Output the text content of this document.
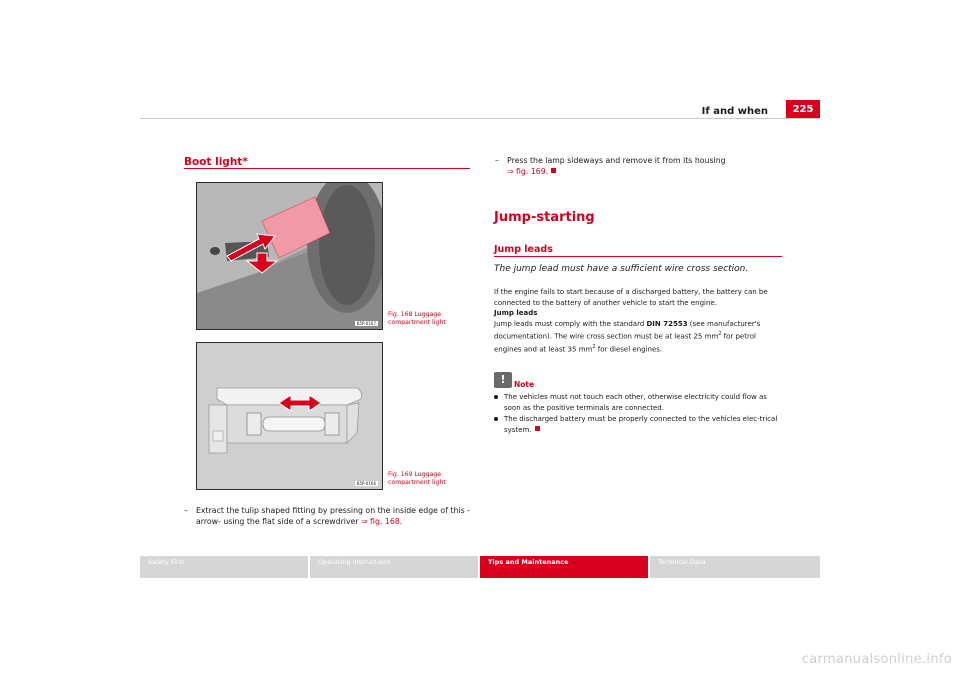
If and when	225
Boot light*
B5P-0167
Fig. 168 Luggage compartment light
B5P-0166
Fig. 169 Luggage compartment light
– Extract the tulip shaped fitting by pressing on the inside edge of this -arrow- using the flat side of a screwdriver ⇒ fig. 168.
– Press the lamp sideways and remove it from its housing
⇒ fig. 169.
Jump-starting
Jump leads
The jump lead must have a sufficient wire cross section.

If the engine fails to start because of a discharged battery, the battery can be connected to the battery of another vehicle to start the engine.

Jump leads

Jump leads must comply with the standard DIN 72553 (see manufacturer's documentation). The wire cross section must be at least 25 $mm^2$ for petrol engines and at least 35 $mm^2$ for diesel engines.

!	Note
The vehicles must not touch each other, otherwise electricity could flow as soon as the positive terminals are connected.
The discharged battery must be properly connected to the vehicles elec-trical system.
Safety First	Operating instructions	Tips and Maintenance	Technical Data
carmanualsonline.info
